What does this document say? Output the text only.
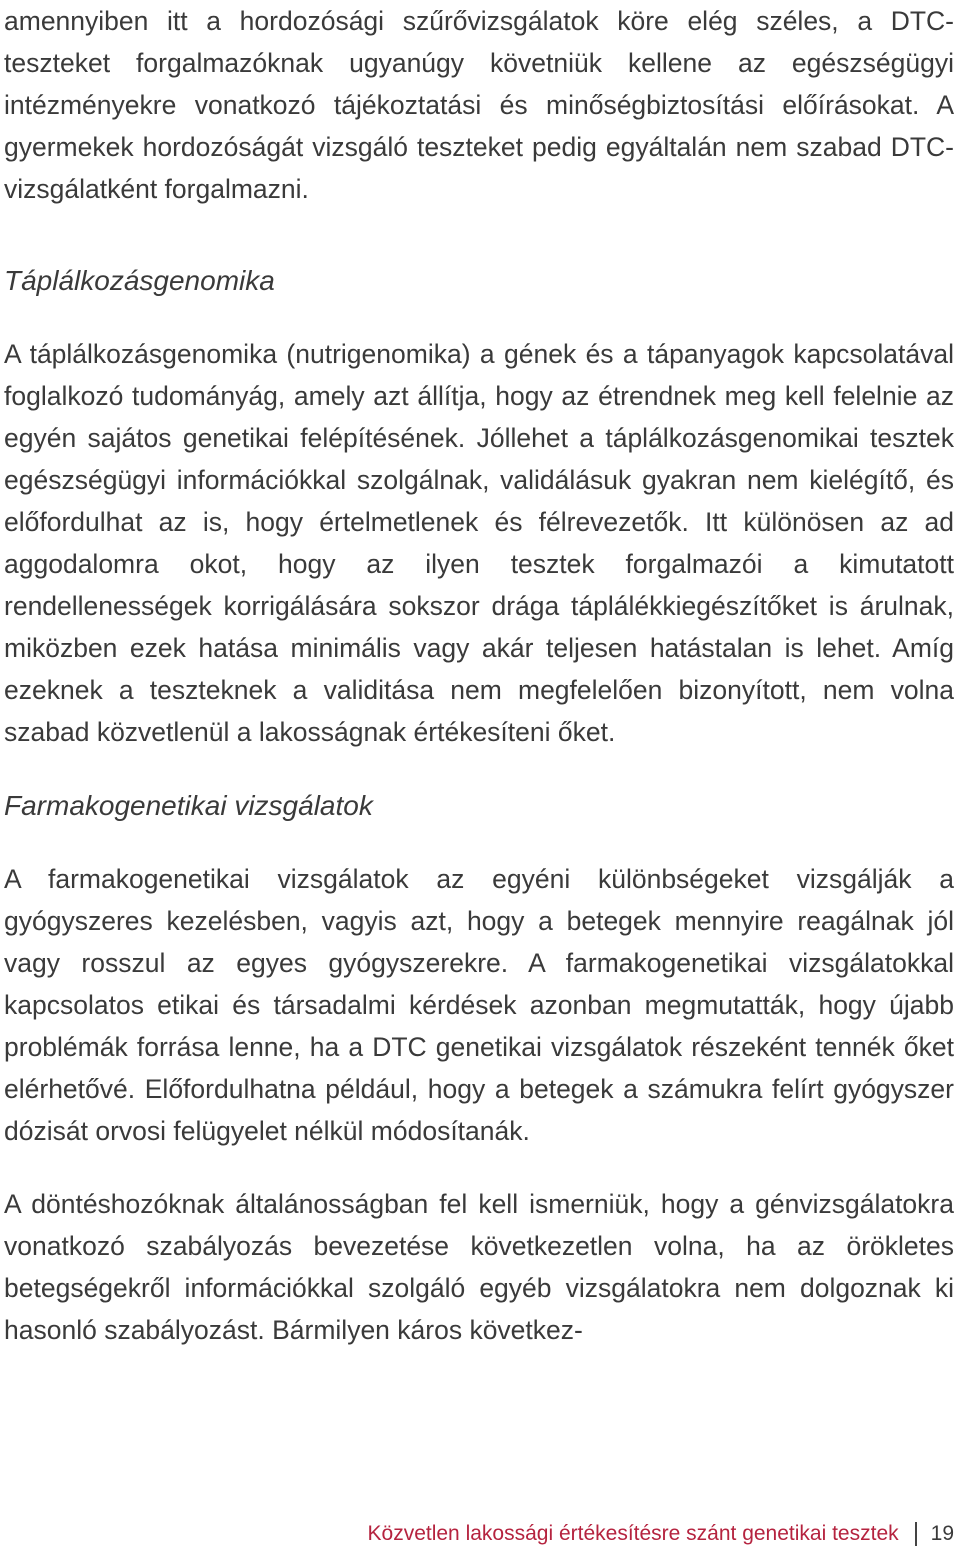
amennyiben itt a hordozósági szűrővizsgálatok köre elég széles, a DTC-teszteket forgalmazóknak ugyanúgy követniük kellene az egészségügyi intézményekre vonatkozó tájékoztatási és minőségbiztosítási előírásokat. A gyermekek hordozóságát vizsgáló teszteket pedig egyáltalán nem szabad DTC-vizsgálatként forgalmazni.

Táplálkozásgenomika

A táplálkozásgenomika (nutrigenomika) a gének és a tápanyagok kapcsolatával foglalkozó tudományág, amely azt állítja, hogy az étrendnek meg kell felelnie az egyén sajátos genetikai felépítésének. Jóllehet a táplálkozásgenomikai tesztek egészségügyi információkkal szolgálnak, validálásuk gyakran nem kielégítő, és előfordulhat az is, hogy értelmetlenek és félrevezetők. Itt különösen az ad aggodalomra okot, hogy az ilyen tesztek forgalmazói a kimutatott rendellenességek korrigálására sokszor drága táplálékkiegészítőket is árulnak, miközben ezek hatása minimális vagy akár teljesen hatástalan is lehet. Amíg ezeknek a teszteknek a validitása nem megfelelően bizonyított, nem volna szabad közvetlenül a lakosságnak értékesíteni őket.

Farmakogenetikai vizsgálatok

A farmakogenetikai vizsgálatok az egyéni különbségeket vizsgálják a gyógyszeres kezelésben, vagyis azt, hogy a betegek mennyire reagálnak jól vagy rosszul az egyes gyógyszerekre. A farmakogenetikai vizsgálatokkal kapcsolatos etikai és társadalmi kérdések azonban megmutatták, hogy újabb problémák forrása lenne, ha a DTC genetikai vizsgálatok részeként tennék őket elérhetővé. Előfordulhatna például, hogy a betegek a számukra felírt gyógyszer dózisát orvosi felügyelet nélkül módosítanák.

A döntéshozóknak általánosságban fel kell ismerniük, hogy a génvizsgálatokra vonatkozó szabályozás bevezetése következetlen volna, ha az örökletes betegségekről információkkal szolgáló egyéb vizsgálatokra nem dolgoznak ki hasonló szabályozást. Bármilyen káros következ-

Közvetlen lakossági értékesítésre szánt genetikai tesztek 19
